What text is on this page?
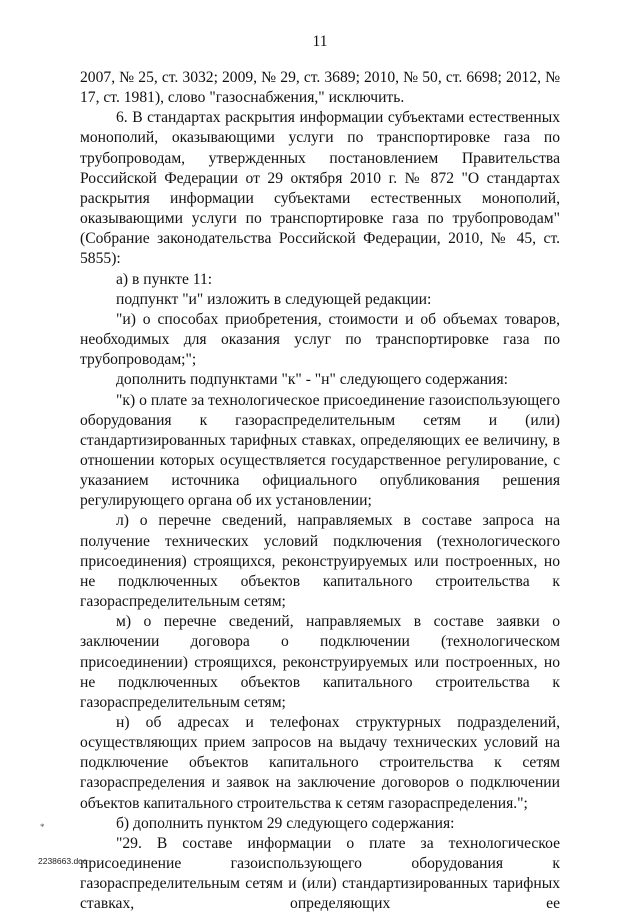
11

2007, № 25, ст. 3032; 2009, № 29, ст. 3689; 2010, № 50, ст. 6698; 2012, № 17, ст. 1981), слово "газоснабжения," исключить.

6. В стандартах раскрытия информации субъектами естественных монополий, оказывающими услуги по транспортировке газа по трубопроводам, утвержденных постановлением Правительства Российской Федерации от 29 октября 2010 г. № 872 "О стандартах раскрытия информации субъектами естественных монополий, оказывающими услуги по транспортировке газа по трубопроводам" (Собрание законодательства Российской Федерации, 2010, № 45, ст. 5855):

а) в пункте 11:

подпункт "и" изложить в следующей редакции:

"и) о способах приобретения, стоимости и об объемах товаров, необходимых для оказания услуг по транспортировке газа по трубопроводам;";

дополнить подпунктами "к" - "н" следующего содержания:

"к) о плате за технологическое присоединение газоиспользующего оборудования к газораспределительным сетям и (или) стандартизированных тарифных ставках, определяющих ее величину, в отношении которых осуществляется государственное регулирование, с указанием источника официального опубликования решения регулирующего органа об их установлении;

л) о перечне сведений, направляемых в составе запроса на получение технических условий подключения (технологического присоединения) строящихся, реконструируемых или построенных, но не подключенных объектов капитального строительства к газораспределительным сетям;

м) о перечне сведений, направляемых в составе заявки о заключении договора о подключении (технологическом присоединении) строящихся, реконструируемых или построенных, но не подключенных объектов капитального строительства к газораспределительным сетям;

н) об адресах и телефонах структурных подразделений, осуществляющих прием запросов на выдачу технических условий на подключение объектов капитального строительства к сетям газораспределения и заявок на заключение договоров о подключении объектов капитального строительства к сетям газораспределения.";

б) дополнить пунктом 29 следующего содержания:

"29. В составе информации о плате за технологическое присоединение газоиспользующего оборудования к газораспределительным сетям и (или) стандартизированных тарифных ставках, определяющих ее

*
2238663.doc
